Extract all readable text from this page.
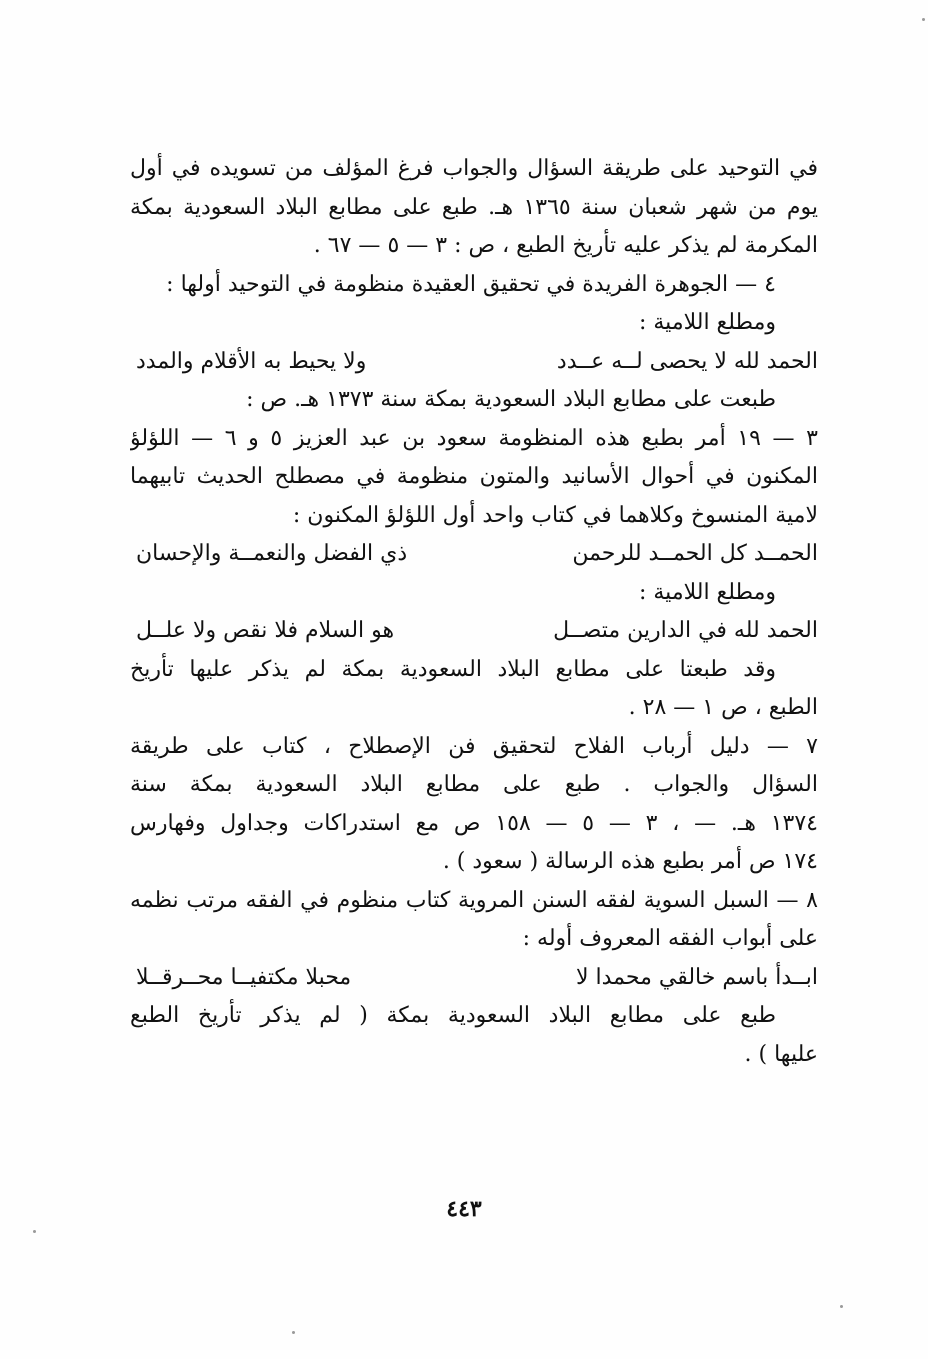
في التوحيد على طريقة السؤال والجواب فرغ المؤلف من تسويده في أول
يوم من شهر شعبان سنة ١٣٦٥ هـ. طبع على مطابع البلاد السعودية بمكة
المكرمة لم يذكر عليه تأريخ الطبع ، ص : ٣ — ٥ — ٦٧ .
٤ — الجوهرة الفريدة في تحقيق العقيدة منظومة في التوحيد أولها :
ومطلع اللامية :
الحمد لله لا يحصى لــه عــدد
ولا يحيط به الأقلام والمدد
طبعت على مطابع البلاد السعودية بمكة سنة ١٣٧٣ هـ. ص :
٣ — ١٩ أمر بطبع هذه المنظومة سعود بن عبد العزيز ٥ و ٦ — اللؤلؤ
المكنون في أحوال الأسانيد والمتون منظومة في مصطلح الحديث تابيهما
لامية المنسوخ وكلاهما في كتاب واحد أول اللؤلؤ المكنون :
الحمــد كل الحمــد للرحمن
ذي الفضل والنعمــة والإحسان
ومطلع اللامية :
الحمد لله في الدارين متصــل
هو السلام فلا نقص ولا علــل
وقد طبعتا على مطابع البلاد السعودية بمكة لم يذكر عليها تأريخ
الطبع ، ص ١ — ٢٨ .
٧ — دليل أرباب الفلاح لتحقيق فن الإصطلاح ، كتاب على طريقة
السؤال والجواب . طبع على مطابع البلاد السعودية بمكة سنة
١٣٧٤ هـ. — ، ٣ — ٥ — ١٥٨ ص مع استدراكات وجداول وفهارس
١٧٤ ص أمر بطبع هذه الرسالة ( سعود ) .
٨ — السبل السوية لفقه السنن المروية كتاب منظوم في الفقه مرتب نظمه
على أبواب الفقه المعروف أوله :
ابــدأ باسم خالقي محمدا لا
محبلا مكتفيــا محــرقــلا
طبع على مطابع البلاد السعودية بمكة ( لم يذكر تأريخ الطبع
عليها ) .
٤٤٣
